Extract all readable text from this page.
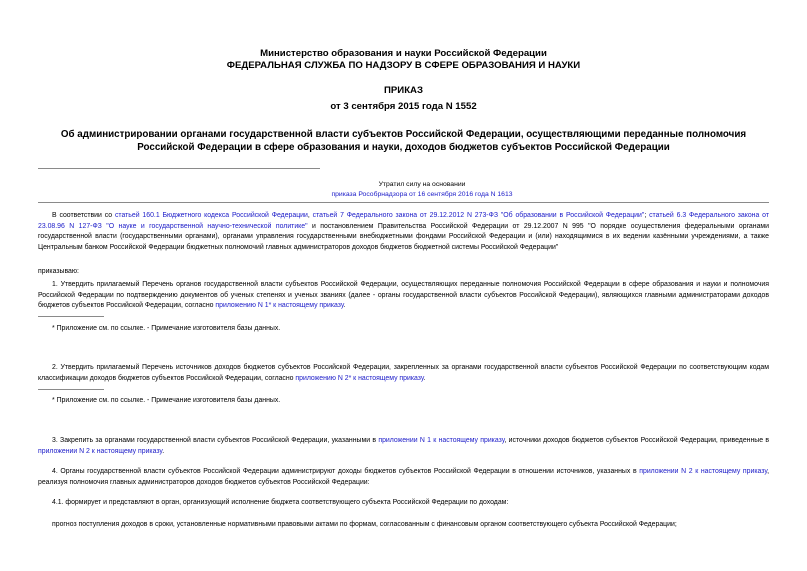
Министерство образования и науки Российской Федерации
ФЕДЕРАЛЬНАЯ СЛУЖБА ПО НАДЗОРУ В СФЕРЕ ОБРАЗОВАНИЯ И НАУКИ
ПРИКАЗ
от 3 сентября 2015 года N 1552
Об администрировании органами государственной власти субъектов Российской Федерации, осуществляющими переданные полномочия Российской Федерации в сфере образования и науки, доходов бюджетов субъектов Российской Федерации
Утратил силу на основании
приказа Рособрнадзора от 16 сентября 2016 года N 1613
В соответствии со статьей 160.1 Бюджетного кодекса Российской Федерации, статьей 7 Федерального закона от 29.12.2012 N 273-ФЗ "Об образовании в Российской Федерации"; статьей 6.3 Федерального закона от 23.08.96 N 127-ФЗ "О науке и государственной научно-технической политике" и постановлением Правительства Российской Федерации от 29.12.2007 N 995 "О порядке осуществления федеральными органами государственной власти (государственными органами), органами управления государственными внебюджетными фондами Российской Федерации и (или) находящимися в их ведении казёнными учреждениями, а также Центральным банком Российской Федерации бюджетных полномочий главных администраторов доходов бюджетов бюджетной системы Российской Федерации"
приказываю:
1. Утвердить прилагаемый Перечень органов государственной власти субъектов Российской Федерации, осуществляющих переданные полномочия Российской Федерации в сфере образования и науки и полномочия Российской Федерации по подтверждению документов об ученых степенях и ученых званиях (далее - органы государственной власти субъектов Российской Федерации), являющихся главными администраторами доходов бюджетов субъектов Российской Федерации, согласно приложению N 1* к настоящему приказу.
* Приложение см. по ссылке. - Примечание изготовителя базы данных.
2. Утвердить прилагаемый Перечень источников доходов бюджетов субъектов Российской Федерации, закрепленных за органами государственной власти субъектов Российской Федерации по соответствующим кодам классификации доходов бюджетов субъектов Российской Федерации, согласно приложению N 2* к настоящему приказу.
* Приложение см. по ссылке. - Примечание изготовителя базы данных.
3. Закрепить за органами государственной власти субъектов Российской Федерации, указанными в приложении N 1 к настоящему приказу, источники доходов бюджетов субъектов Российской Федерации, приведенные в приложении N 2 к настоящему приказу.
4. Органы государственной власти субъектов Российской Федерации администрируют доходы бюджетов субъектов Российской Федерации в отношении источников, указанных в приложении N 2 к настоящему приказу, реализуя полномочия главных администраторов доходов бюджетов субъектов Российской Федерации:
4.1. формирует и представляют в орган, организующий исполнение бюджета соответствующего субъекта Российской Федерации по доходам:
прогноз поступления доходов в сроки, установленные нормативными правовыми актами по формам, согласованным с финансовым органом соответствующего субъекта Российской Федерации;
